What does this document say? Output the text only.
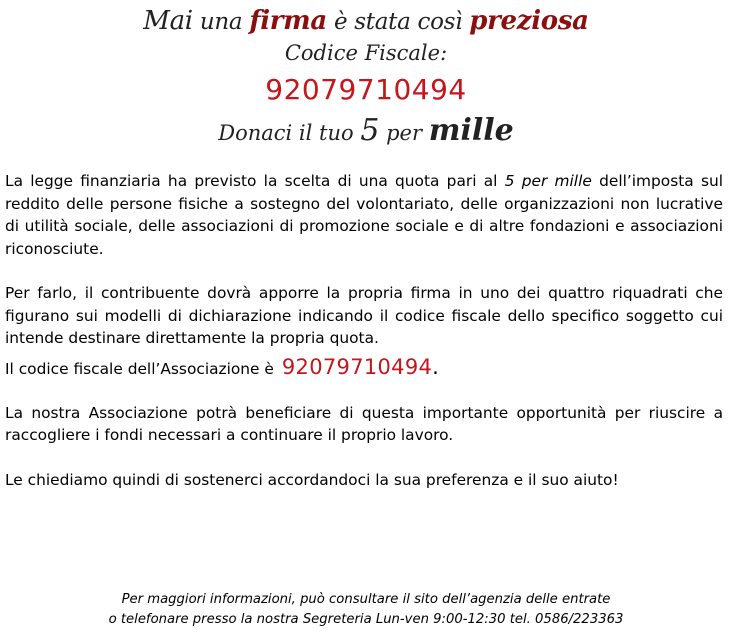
Mai una firma è stata così preziosa
Codice Fiscale:
92079710494
Donaci il tuo 5 per mille

La legge finanziaria ha previsto la scelta di una quota pari al 5 per mille dell’imposta sul reddito delle persone fisiche a sostegno del volontariato, delle organizzazioni non lucrative di utilità sociale, delle associazioni di promozione sociale e di altre fondazioni e associazioni riconosciute.

Per farlo, il contribuente dovrà apporre la propria firma in uno dei quattro riquadrati che figurano sui modelli di dichiarazione indicando il codice fiscale dello specifico soggetto cui intende destinare direttamente la propria quota.

Il codice fiscale dell’Associazione è 92079710494.

La nostra Associazione potrà beneficiare di questa importante opportunità per riuscire a raccogliere i fondi necessari a continuare il proprio lavoro.

Le chiediamo quindi di sostenerci accordandoci la sua preferenza e il suo aiuto!

Per maggiori informazioni, può consultare il sito dell’agenzia delle entrate
o telefonare presso la nostra Segreteria Lun-ven 9:00-12:30 tel. 0586/223363
